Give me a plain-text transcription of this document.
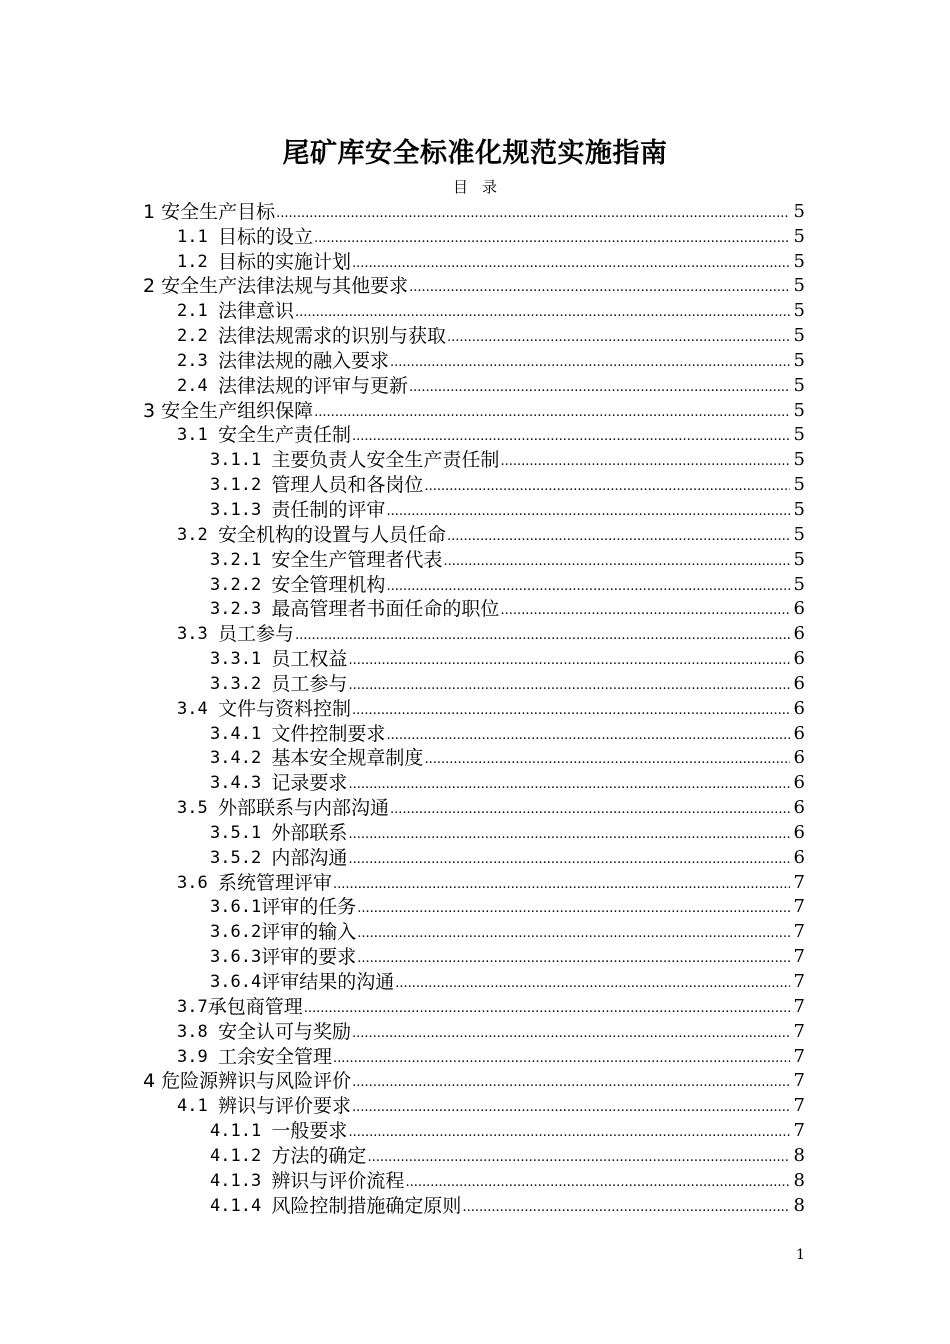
尾矿库安全标准化规范实施指南
目录
1 安全生产目标 .....	5
1.1 目标的设立 .....	5
1.2 目标的实施计划 .....	5
2 安全生产法律法规与其他要求 .....	5
2.1 法律意识 .....	5
2.2 法律法规需求的识别与获取 .....	5
2.3 法律法规的融入要求 .....	5
2.4 法律法规的评审与更新 .....	5
3 安全生产组织保障 .....	5
3.1 安全生产责任制 .....	5
3.1.1 主要负责人安全生产责任制 .....	5
3.1.2 管理人员和各岗位 .....	5
3.1.3 责任制的评审 .....	5
3.2 安全机构的设置与人员任命 .....	5
3.2.1 安全生产管理者代表 .....	5
3.2.2 安全管理机构 .....	5
3.2.3 最高管理者书面任命的职位 .....	6
3.3 员工参与 .....	6
3.3.1 员工权益 .....	6
3.3.2 员工参与 .....	6
3.4 文件与资料控制 .....	6
3.4.1 文件控制要求 .....	6
3.4.2 基本安全规章制度 .....	6
3.4.3 记录要求 .....	6
3.5 外部联系与内部沟通 .....	6
3.5.1 外部联系 .....	6
3.5.2 内部沟通 .....	6
3.6 系统管理评审 .....	7
3.6.1 评审的任务 .....	7
3.6.2 评审的输入 .....	7
3.6.3 评审的要求 .....	7
3.6.4 评审结果的沟通 .....	7
3.7 承包商管理 .....	7
3.8 安全认可与奖励 .....	7
3.9 工余安全管理 .....	7
4 危险源辨识与风险评价 .....	7
4.1 辨识与评价要求 .....	7
4.1.1 一般要求 .....	7
4.1.2 方法的确定 .....	8
4.1.3 辨识与评价流程 .....	8
4.1.4 风险控制措施确定原则 .....	8
1
